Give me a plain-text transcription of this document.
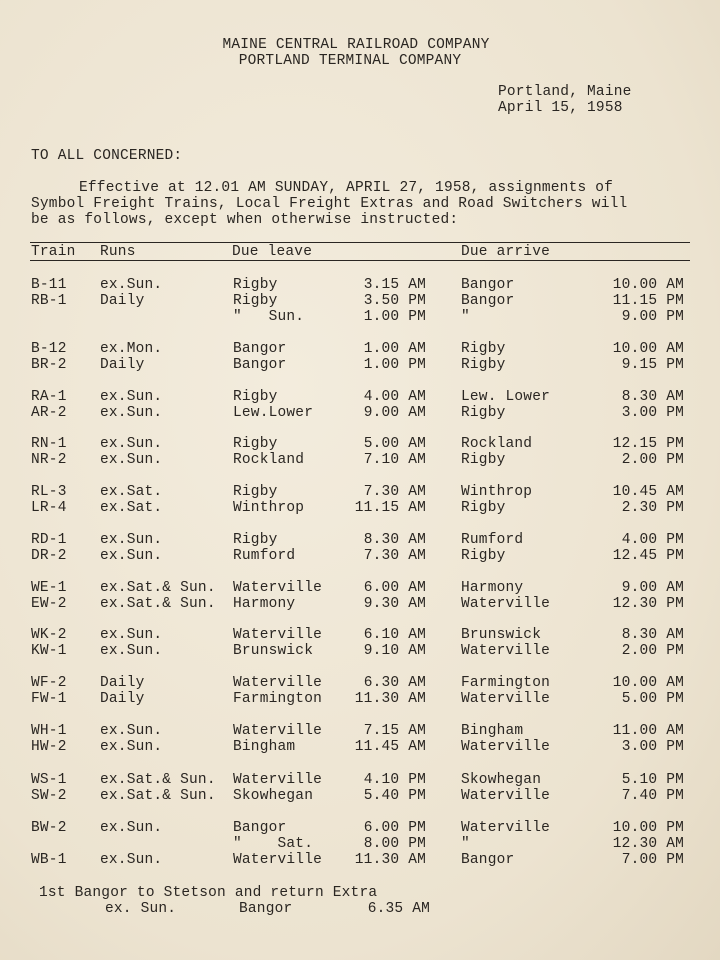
MAINE CENTRAL RAILROAD COMPANY
PORTLAND TERMINAL COMPANY
Portland, Maine
April 15, 1958
TO ALL CONCERNED:
Effective at 12.01 AM SUNDAY, APRIL 27, 1958, assignments of
Symbol Freight Trains, Local Freight Extras and Road Switchers will
be as follows, except when otherwise instructed:
Train Runs	Due leave	Due arrive
B-11 ex.Sun.	Rigby	3.15 AM Bangor	10.00 AM
RB-1 Daily	Rigby	3.50 PM Bangor	11.15 PM
"   Sun.	1.00 PM "	9.00 PM
B-12 ex.Mon.	Bangor	1.00 AM Rigby	10.00 AM
BR-2 Daily	Bangor	1.00 PM Rigby	9.15 PM
RA-1 ex.Sun.	Rigby	4.00 AM Lew. Lower	8.30 AM
AR-2 ex.Sun.	Lew.Lower	9.00 AM Rigby	3.00 PM
RN-1 ex.Sun.	Rigby	5.00 AM Rockland	12.15 PM
NR-2 ex.Sun.	Rockland	7.10 AM Rigby	2.00 PM
RL-3 ex.Sat.	Rigby	7.30 AM Winthrop	10.45 AM
LR-4 ex.Sat.	Winthrop	11.15 AM Rigby	2.30 PM
RD-1 ex.Sun.	Rigby	8.30 AM Rumford	4.00 PM
DR-2 ex.Sun.	Rumford	7.30 AM Rigby	12.45 PM
WE-1 ex.Sat.& Sun. Waterville	6.00 AM Harmony	9.00 AM
EW-2 ex.Sat.& Sun. Harmony	9.30 AM Waterville	12.30 PM
WK-2 ex.Sun.	Waterville	6.10 AM Brunswick	8.30 AM
KW-1 ex.Sun.	Brunswick	9.10 AM Waterville	2.00 PM
WF-2 Daily	Waterville	6.30 AM Farmington	10.00 AM
FW-1 Daily	Farmington	11.30 AM Waterville	5.00 PM
WH-1 ex.Sun.	Waterville	7.15 AM Bingham	11.00 AM
HW-2 ex.Sun.	Bingham	11.45 AM Waterville	3.00 PM
WS-1 ex.Sat.& Sun. Waterville	4.10 PM Skowhegan	5.10 PM
SW-2 ex.Sat.& Sun. Skowhegan	5.40 PM Waterville	7.40 PM
BW-2 ex.Sun.	Bangor	6.00 PM Waterville	10.00 PM
"    Sat.	8.00 PM "	12.30 AM
WB-1 ex.Sun.	Waterville	11.30 AM Bangor	7.00 PM
1st Bangor to Stetson and return Extra
ex. Sun.	Bangor	6.35 AM
